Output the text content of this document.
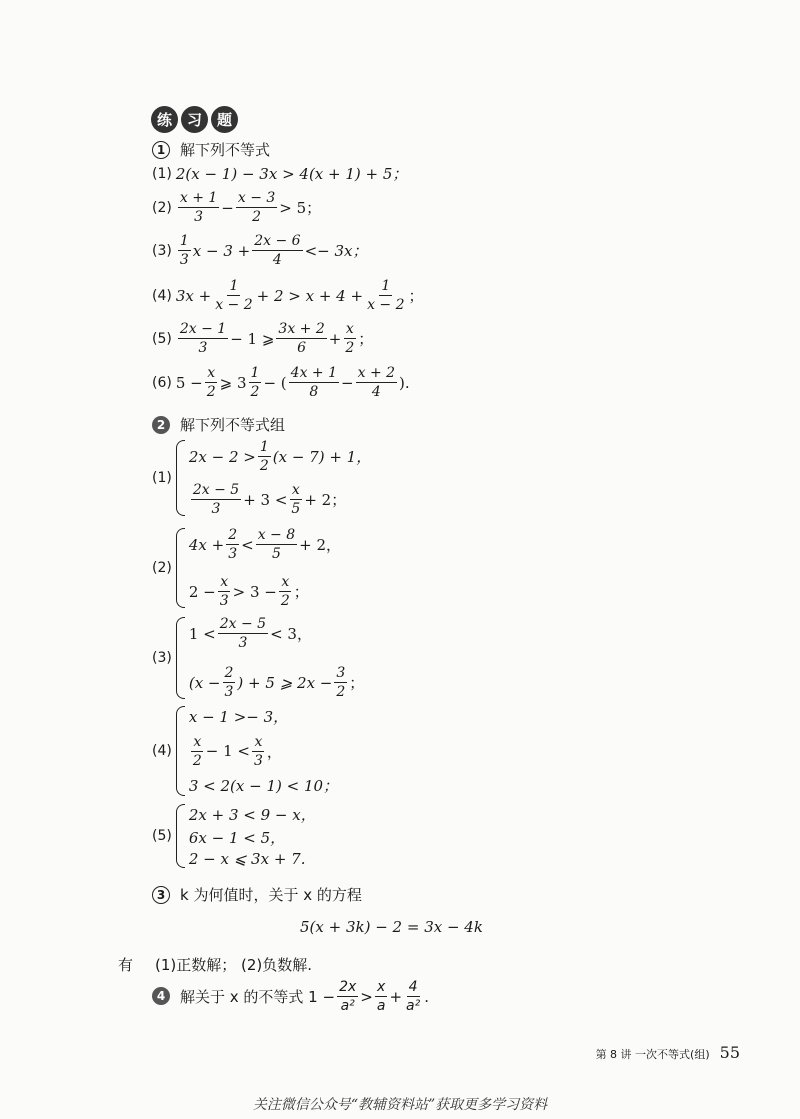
练 习 题
1 解下列不等式
(1) 2(x − 1) − 3x > 4(x + 1) + 5；
$(2) \frac{x + 1}{3} - \frac{x - 3}{2} > 5$；
$(3) \frac{1}{3}$ $x - 3 + \frac{2x - 6}{4} <- 3x$；
(4) $3x + \frac{1}{x - 2} + 2 > x + 4 + \frac{1}{x - 2}$ ；
$(5) \frac{2x - 1}{3} - 1$ ⩾ $\frac{3x + 2}{6} + \frac{x}{2}$ ；
(6) $5 - \frac{x}{2}$ ⩾ $3 \frac{1}{2}$ − ( $\frac{4x + 1}{8} - \frac{x + 2}{4}$ ).
2 解下列不等式组
(1)
$2x - 2 > \frac{1}{2} (x - 7) + 1$，
$\frac{2x - 5}{3} + 3 < \frac{x}{5} + 2$；
(2)
$4x + \frac{2}{3} < \frac{x - 8}{5} + 2$，
$2 - \frac{x}{3} > 3 - \frac{x}{2}$ ；
(3)
$1 < \frac{2x - 5}{3} < 3$，
($x - \frac{2}{3}$ ) + 5 ⩾ $2x - \frac{3}{2}$ ；
(4)
x − 1 >− 3，
$\frac{x}{2} - 1 < \frac{x}{3}$ ，
3 < 2(x − 1) < 10；
(5)
2x + 3 < 9 − x，
6x − 1 < 5，
2 − x ⩽ 3x + 7.
3 k 为何值时，关于 x 的方程
5(x + 3k) − 2 = 3x − 4k
有 (1)正数解； (2)负数解.
4 解关于 x 的不等式 $1 - \frac{2x}{\text{a²}} > \frac{x}{a} + \frac{4}{\text{a²}}$ .
第 8 讲 一次不等式(组) 55
关注微信公众号“教辅资料站”获取更多学习资料
